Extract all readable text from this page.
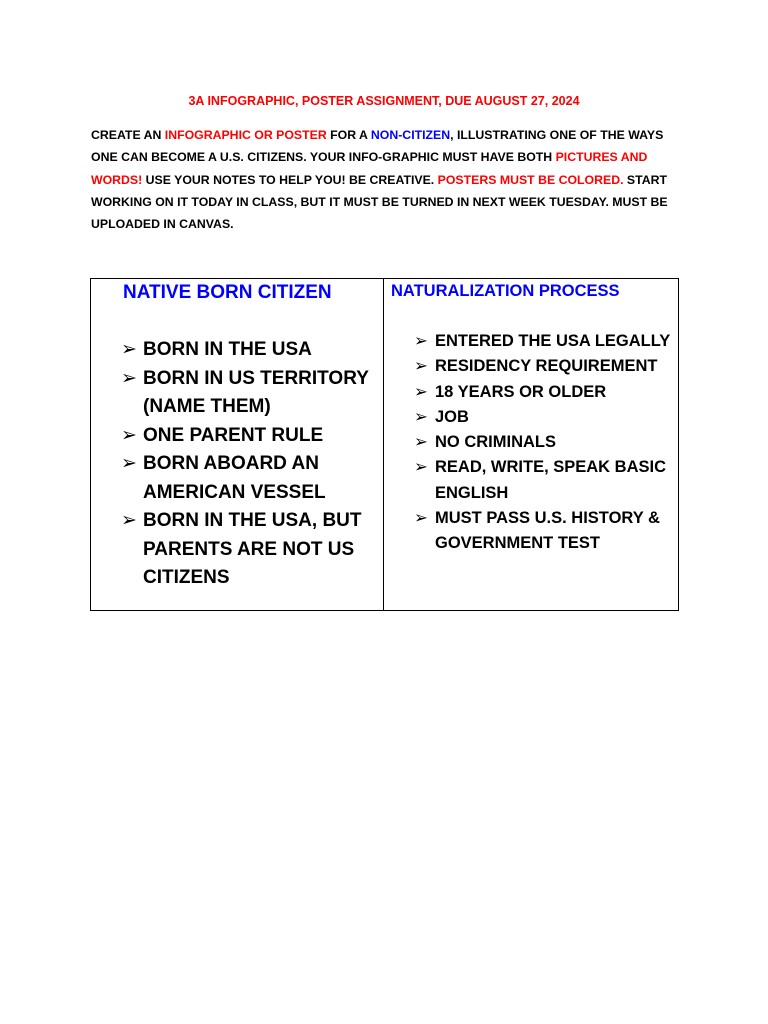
3A INFOGRAPHIC, POSTER ASSIGNMENT, DUE AUGUST 27, 2024

CREATE AN INFOGRAPHIC OR POSTER FOR A NON-CITIZEN, ILLUSTRATING ONE OF THE WAYS ONE CAN BECOME A U.S. CITIZENS. YOUR INFO-GRAPHIC MUST HAVE BOTH PICTURES AND WORDS! USE YOUR NOTES TO HELP YOU! BE CREATIVE. POSTERS MUST BE COLORED. START WORKING ON IT TODAY IN CLASS, BUT IT MUST BE TURNED IN NEXT WEEK TUESDAY. MUST BE UPLOADED IN CANVAS.

NATIVE BORN CITIZEN
➢ BORN IN THE USA
➢ BORN IN US TERRITORY (NAME THEM)
➢ ONE PARENT RULE
➢ BORN ABOARD AN AMERICAN VESSEL
➢ BORN IN THE USA, BUT PARENTS ARE NOT US CITIZENS
NATURALIZATION PROCESS
➢ ENTERED THE USA LEGALLY
➢ RESIDENCY REQUIREMENT
➢ 18 YEARS OR OLDER
➢ JOB
➢ NO CRIMINALS
➢ READ, WRITE, SPEAK BASIC ENGLISH
➢ MUST PASS U.S. HISTORY & GOVERNMENT TEST
